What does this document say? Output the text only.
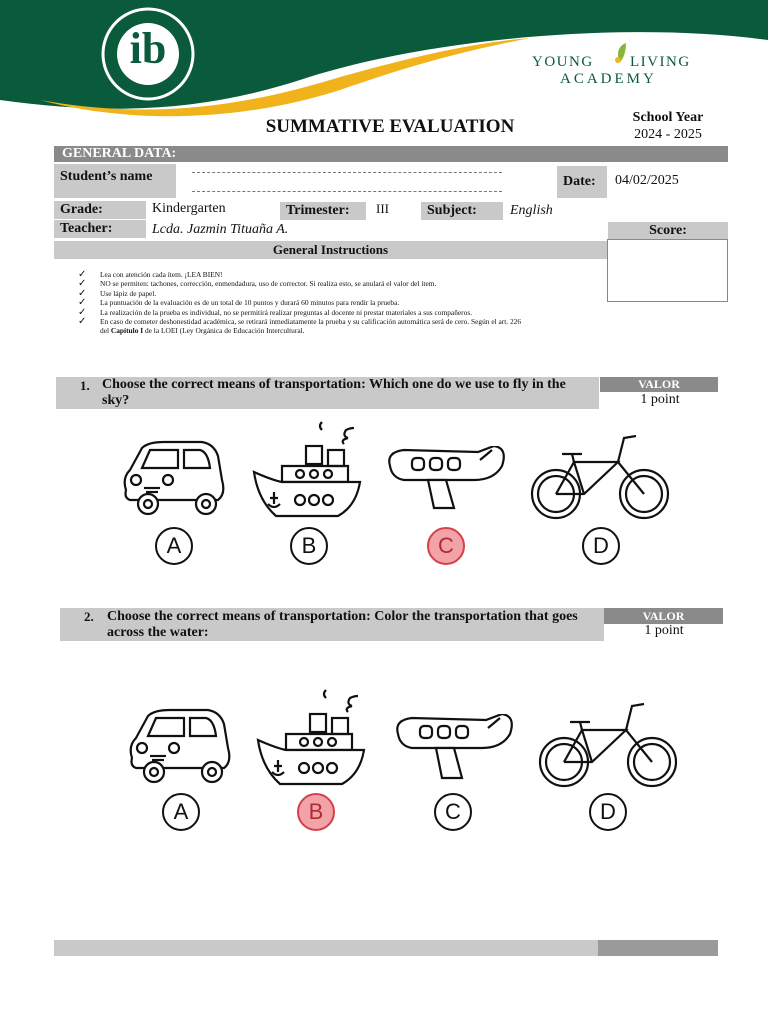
ib	YOUNG LIVING
ACADEMY
SUMMATIVE EVALUATION	School Year
2024 - 2025
GENERAL DATA:
Student’s name	Date:	04/02/2025
Grade:	Kindergarten	Trimester:	III	Subject:	English
Teacher:	Lcda. Jazmin Tituaña A.	Score:
General Instructions
✓ Lea con atención cada ítem. ¡LEA BIEN!
✓ NO se permiten: tachones, corrección, enmendadura, uso de corrector. Si realiza esto, se anulará el valor del ítem.
✓ Use lápiz de papel.
✓ La puntuación de la evaluación es de un total de 10 puntos y durará 60 minutos para rendir la prueba.
✓ La realización de la prueba es individual, no se permitirá realizar preguntas al docente ni prestar materiales a sus compañeros.
✓ En caso de cometer deshonestidad académica, se retirará inmediatamente la prueba y su calificación automática será de cero. Según el art. 226
del Capítulo I de la LOEI (Ley Orgánica de Educación Intercultural.
1. Choose the correct means of transportation: Which one do we use to fly in the sky?
VALOR
1 point
A	B	C	D
2. Choose the correct means of transportation: Color the transportation that goes across the water:
VALOR
1 point
A	B	C	D
